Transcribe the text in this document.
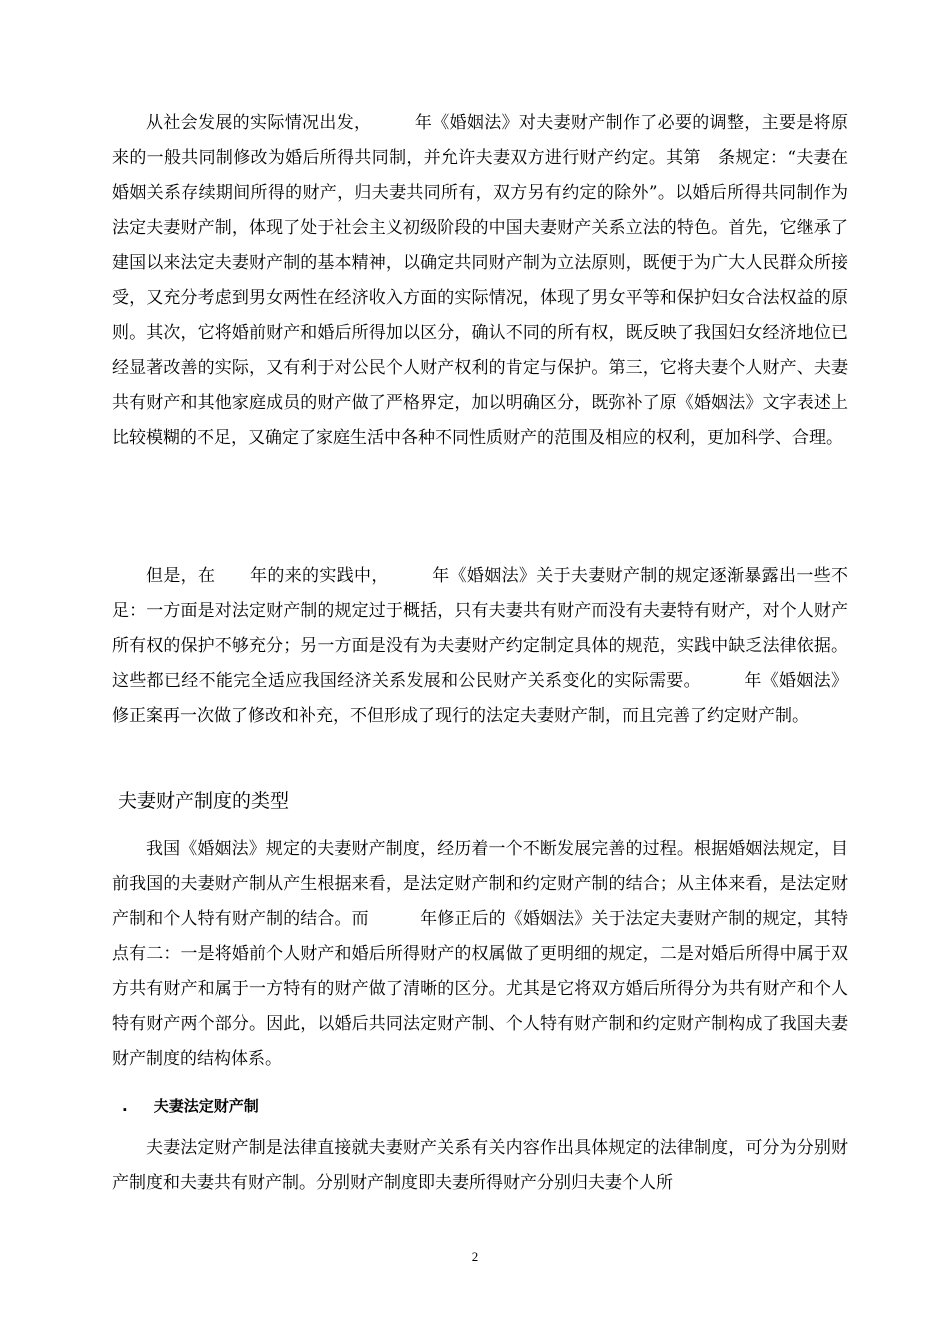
从社会发展的实际情况出发，　　　年《婚姻法》对夫妻财产制作了必要的调整，主要是将原来的一般共同制修改为婚后所得共同制，并允许夫妻双方进行财产约定。其第　条规定：“夫妻在婚姻关系存续期间所得的财产，归夫妻共同所有，双方另有约定的除外”。以婚后所得共同制作为法定夫妻财产制，体现了处于社会主义初级阶段的中国夫妻财产关系立法的特色。首先，它继承了建国以来法定夫妻财产制的基本精神，以确定共同财产制为立法原则，既便于为广大人民群众所接受，又充分考虑到男女两性在经济收入方面的实际情况，体现了男女平等和保护妇女合法权益的原则。其次，它将婚前财产和婚后所得加以区分，确认不同的所有权，既反映了我国妇女经济地位已经显著改善的实际，又有利于对公民个人财产权利的肯定与保护。第三，它将夫妻个人财产、夫妻共有财产和其他家庭成员的财产做了严格界定，加以明确区分，既弥补了原《婚姻法》文字表述上比较模糊的不足，又确定了家庭生活中各种不同性质财产的范围及相应的权利，更加科学、合理。

但是，在　　年的来的实践中，　　　年《婚姻法》关于夫妻财产制的规定逐渐暴露出一些不足：一方面是对法定财产制的规定过于概括，只有夫妻共有财产而没有夫妻特有财产，对个人财产所有权的保护不够充分；另一方面是没有为夫妻财产约定制定具体的规范，实践中缺乏法律依据。这些都已经不能完全适应我国经济关系发展和公民财产关系变化的实际需要。　　　年《婚姻法》修正案再一次做了修改和补充，不但形成了现行的法定夫妻财产制，而且完善了约定财产制。

夫妻财产制度的类型

我国《婚姻法》规定的夫妻财产制度，经历着一个不断发展完善的过程。根据婚姻法规定，目前我国的夫妻财产制从产生根据来看，是法定财产制和约定财产制的结合；从主体来看，是法定财产制和个人特有财产制的结合。而　　　年修正后的《婚姻法》关于法定夫妻财产制的规定，其特点有二：一是将婚前个人财产和婚后所得财产的权属做了更明细的规定，二是对婚后所得中属于双方共有财产和属于一方特有的财产做了清晰的区分。尤其是它将双方婚后所得分为共有财产和个人特有财产两个部分。因此，以婚后共同法定财产制、个人特有财产制和约定财产制构成了我国夫妻财产制度的结构体系。

.     夫妻法定财产制

夫妻法定财产制是法律直接就夫妻财产关系有关内容作出具体规定的法律制度，可分为分别财产制度和夫妻共有财产制。分别财产制度即夫妻所得财产分别归夫妻个人所

2
